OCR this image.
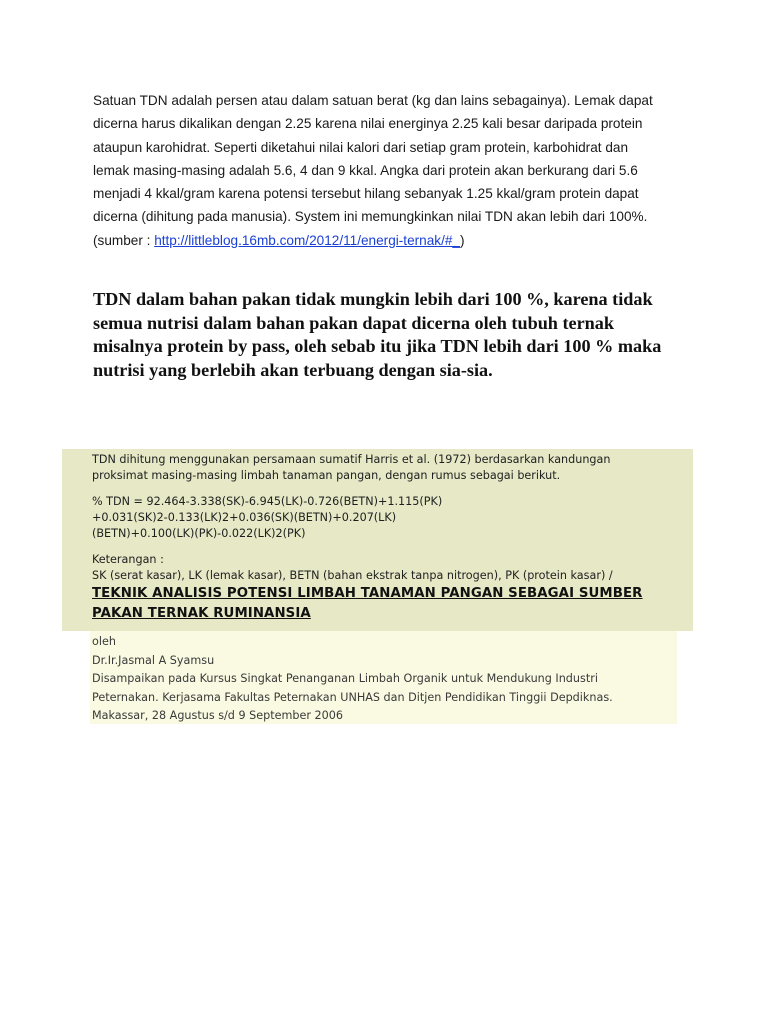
Satuan TDN adalah persen atau dalam satuan berat (kg dan lains sebagainya). Lemak dapat dicerna harus dikalikan dengan 2.25 karena nilai energinya 2.25 kali besar daripada protein ataupun karohidrat. Seperti diketahui nilai kalori dari setiap gram protein, karbohidrat dan lemak masing-masing adalah 5.6, 4 dan 9 kkal. Angka dari protein akan berkurang dari 5.6 menjadi 4 kkal/gram karena potensi tersebut hilang sebanyak 1.25 kkal/gram protein dapat dicerna (dihitung pada manusia). System ini memungkinkan nilai TDN akan lebih dari 100%. (sumber : http://littleblog.16mb.com/2012/11/energi-ternak/#_)

TDN dalam bahan pakan tidak mungkin lebih dari 100 %, karena tidak semua nutrisi dalam bahan pakan dapat dicerna oleh tubuh ternak misalnya protein by pass, oleh sebab itu jika TDN lebih dari 100 % maka nutrisi yang berlebih akan terbuang dengan sia-sia.

TDN dihitung menggunakan persamaan sumatif Harris et al. (1972) berdasarkan kandungan

proksimat masing-masing limbah tanaman pangan, dengan rumus sebagai berikut.

% TDN = 92.464-3.338(SK)-6.945(LK)-0.726(BETN)+1.115(PK)

+0.031(SK)2-0.133(LK)2+0.036(SK)(BETN)+0.207(LK)

(BETN)+0.100(LK)(PK)-0.022(LK)2(PK)

Keterangan :

SK (serat kasar), LK (lemak kasar), BETN (bahan ekstrak tanpa nitrogen), PK (protein kasar) /

TEKNIK ANALISIS POTENSI LIMBAH TANAMAN PANGAN SEBAGAI SUMBER
PAKAN TERNAK RUMINANSIA

oleh

Dr.Ir.Jasmal A Syamsu

Disampaikan pada Kursus Singkat Penanganan Limbah Organik untuk Mendukung Industri

Peternakan. Kerjasama Fakultas Peternakan UNHAS dan Ditjen Pendidikan Tinggii Depdiknas.

Makassar, 28 Agustus s/d 9 September 2006
